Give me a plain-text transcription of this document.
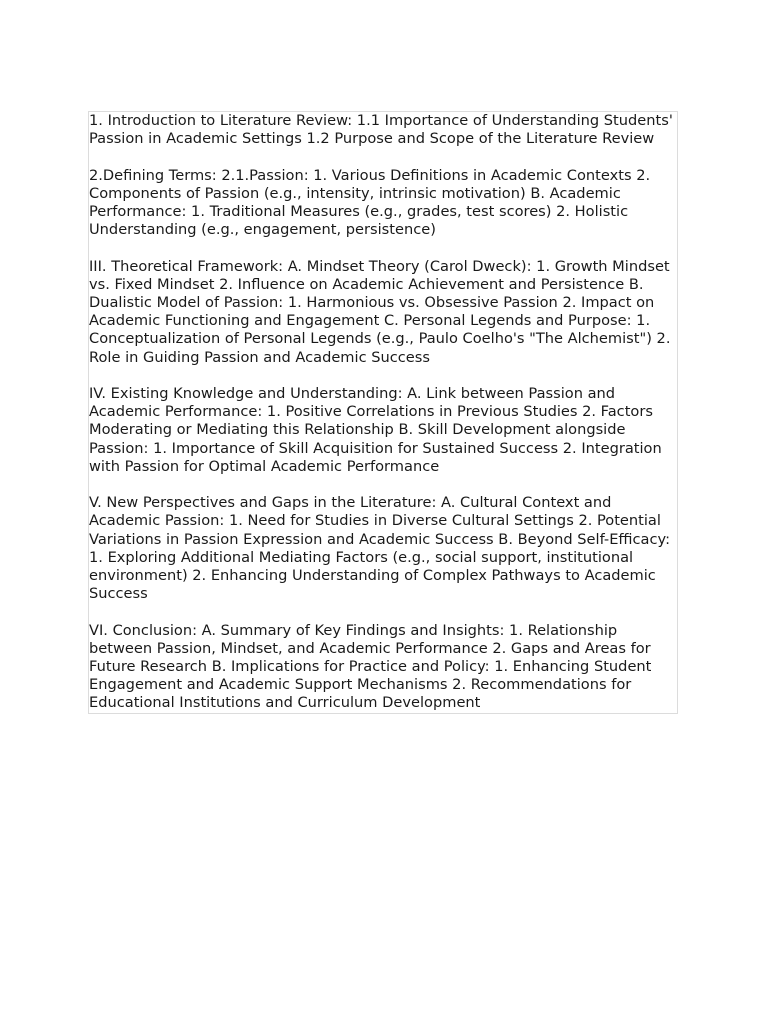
1. Introduction to Literature Review: 1.1 Importance of Understanding Students' Passion in Academic Settings 1.2 Purpose and Scope of the Literature Review

2.Defining Terms: 2.1.Passion: 1. Various Definitions in Academic Contexts 2. Components of Passion (e.g., intensity, intrinsic motivation) B. Academic Performance: 1. Traditional Measures (e.g., grades, test scores) 2. Holistic Understanding (e.g., engagement, persistence)

III. Theoretical Framework: A. Mindset Theory (Carol Dweck): 1. Growth Mindset vs. Fixed Mindset 2. Influence on Academic Achievement and Persistence B. Dualistic Model of Passion: 1. Harmonious vs. Obsessive Passion 2. Impact on Academic Functioning and Engagement C. Personal Legends and Purpose: 1. Conceptualization of Personal Legends (e.g., Paulo Coelho's "The Alchemist") 2. Role in Guiding Passion and Academic Success

IV. Existing Knowledge and Understanding: A. Link between Passion and Academic Performance: 1. Positive Correlations in Previous Studies 2. Factors Moderating or Mediating this Relationship B. Skill Development alongside Passion: 1. Importance of Skill Acquisition for Sustained Success 2. Integration with Passion for Optimal Academic Performance

V. New Perspectives and Gaps in the Literature: A. Cultural Context and Academic Passion: 1. Need for Studies in Diverse Cultural Settings 2. Potential Variations in Passion Expression and Academic Success B. Beyond Self-Efficacy: 1. Exploring Additional Mediating Factors (e.g., social support, institutional environment) 2. Enhancing Understanding of Complex Pathways to Academic Success

VI. Conclusion: A. Summary of Key Findings and Insights: 1. Relationship between Passion, Mindset, and Academic Performance 2. Gaps and Areas for Future Research B. Implications for Practice and Policy: 1. Enhancing Student Engagement and Academic Support Mechanisms 2. Recommendations for Educational Institutions and Curriculum Development
